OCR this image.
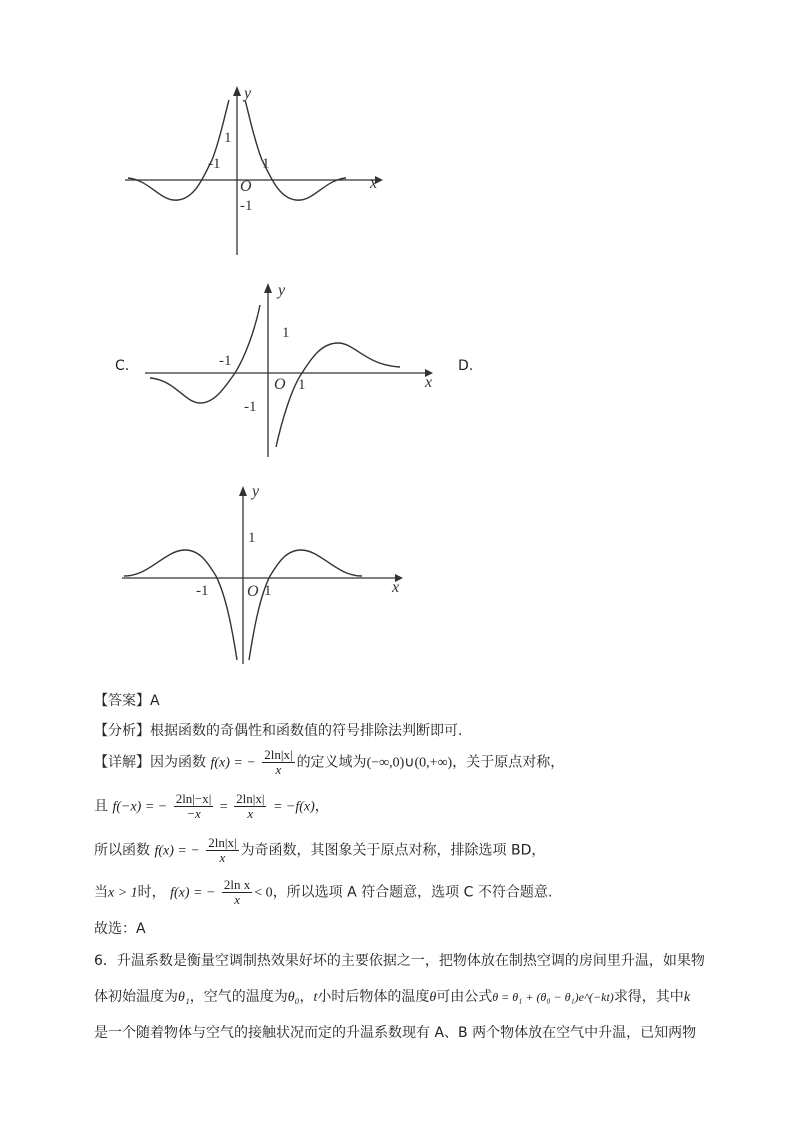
y
x
O
-1	1
1
-1
C.	D.
y
x
O
-1
1
1
-1
y
x
O
-1	1
1
【答案】A
【分析】根据函数的奇偶性和函数值的符号排除法判断即可.
【详解】因为函数 f(x) = − $\frac{2\ln|x|}{x}$ 的定义域为(−∞,0)∪(0,+∞)，关于原点对称，
且 f(−x) = − $\frac{2\ln|-x|}{-x} = \frac{2\ln|x|}{x} = -f(x)$，
所以函数 f(x) = − $\frac{2\ln|x|}{x}$ 为奇函数，其图象关于原点对称，排除选项 BD，
当x > 1时， f(x) = − $\frac{\text{2ln x}}{x} < 0$，所以选项 A 符合题意，选项 C 不符合题意.
故选：A
6．升温系数是衡量空调制热效果好坏的主要依据之一，把物体放在制热空调的房间里升温，如果物
体初始温度为θ₁，空气的温度为θ₀，t小时后物体的温度θ可由公式θ = θ₁ + (θ₀ − θ₁)e^(−kt)求得，其中k
是一个随着物体与空气的接触状况而定的升温系数现有 A、B 两个物体放在空气中升温，已知两物
